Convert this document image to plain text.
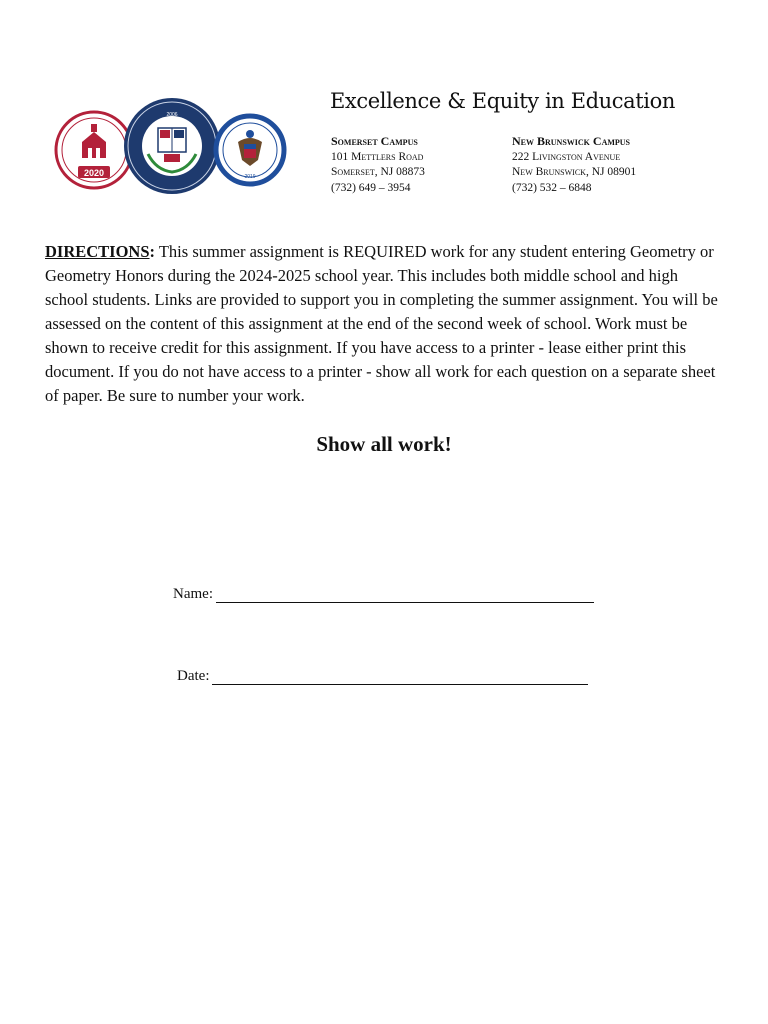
2020
2006
2019
Excellence & Equity in Education
Somerset Campus
101 Mettlers Road
Somerset, NJ 08873
(732) 649 – 3954
New Brunswick Campus
222 Livingston Avenue
New Brunswick, NJ 08901
(732) 532 – 6848

DIRECTIONS: This summer assignment is REQUIRED work for any student entering Geometry or Geometry Honors during the 2024-2025 school year. This includes both middle school and high school students. Links are provided to support you in completing the summer assignment. You will be assessed on the content of this assignment at the end of the second week of school. Work must be shown to receive credit for this assignment. If you have access to a printer - lease either print this document. If you do not have access to a printer - show all work for each question on a separate sheet of paper. Be sure to number your work.

Show all work!
Name:
Date:
